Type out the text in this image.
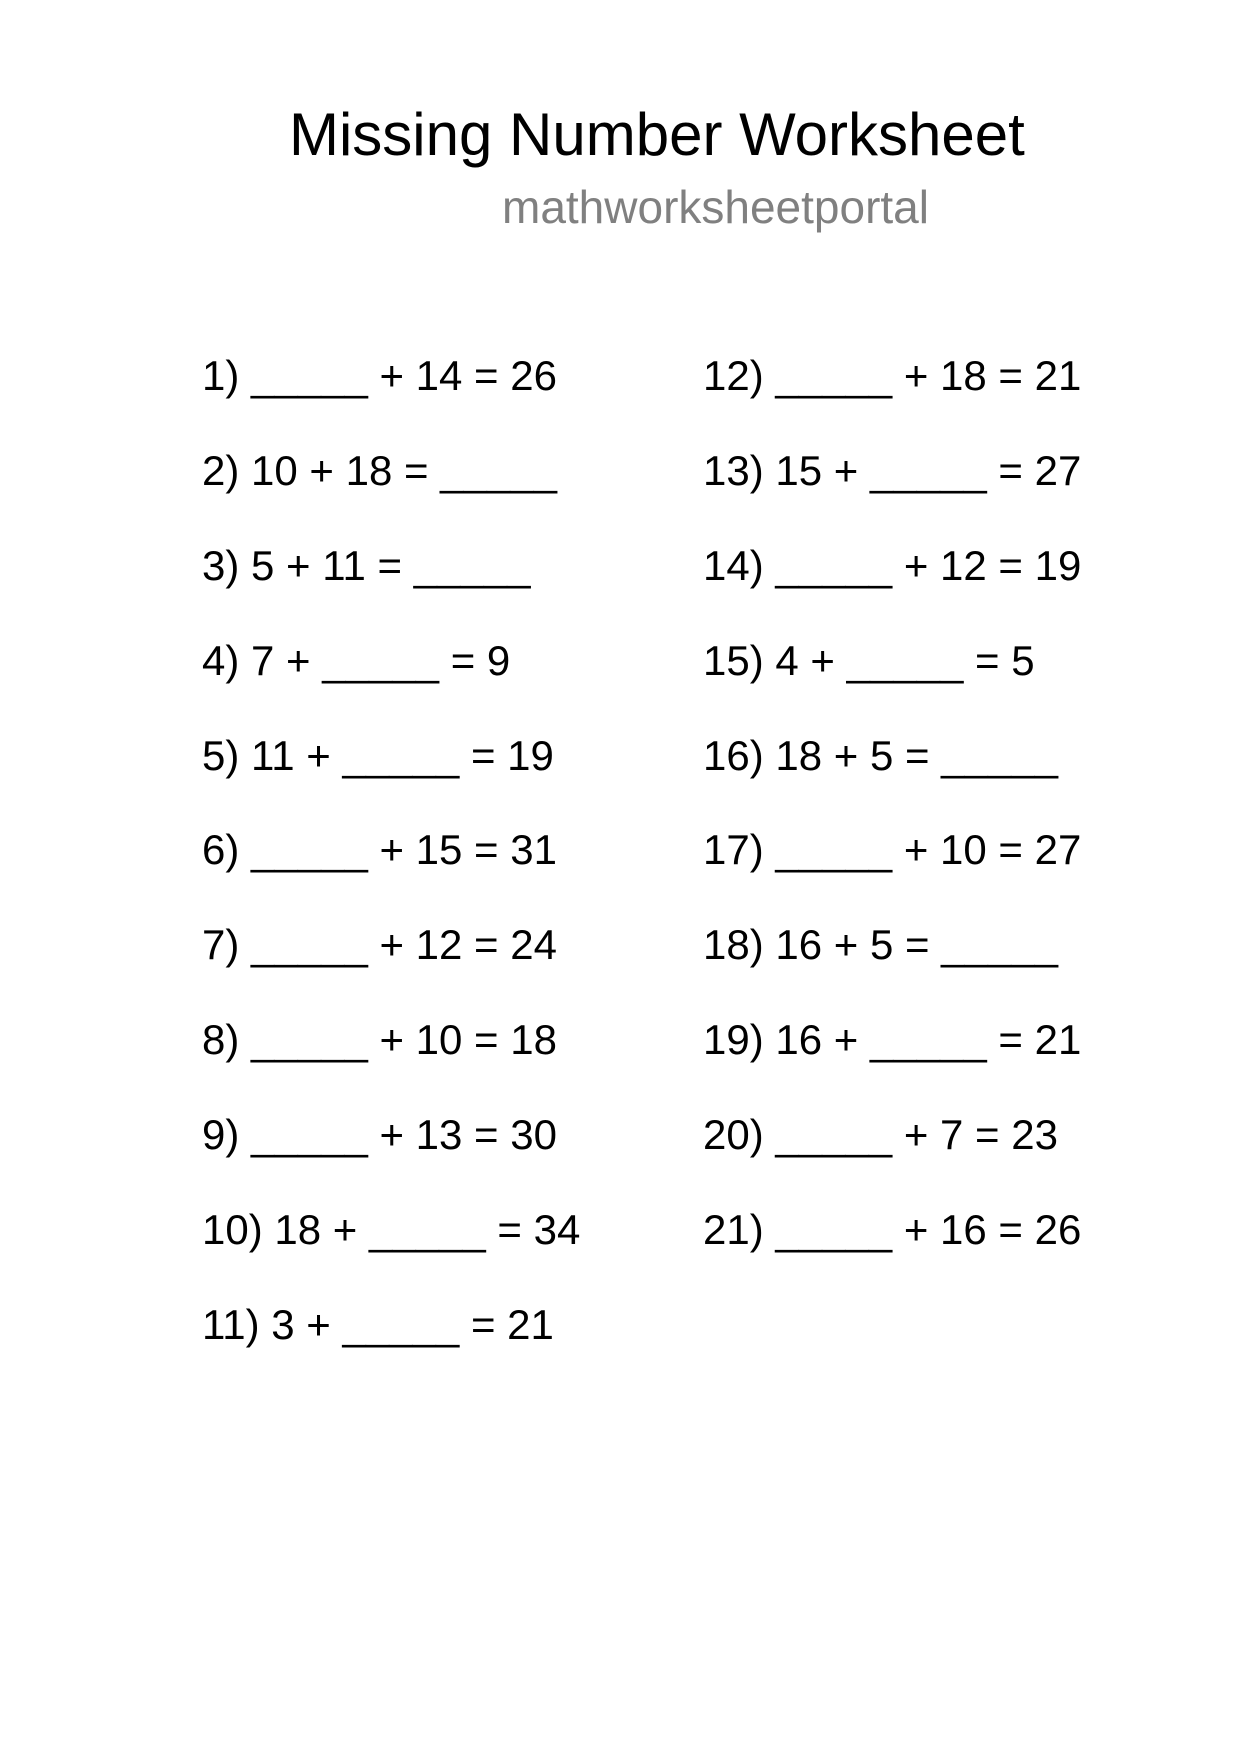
Missing Number Worksheet
mathworksheetportal
1) _____ + 14 = 26
2) 10 + 18 = _____
3) 5 + 11 = _____
4) 7 + _____ = 9
5) 11 + _____ = 19
6) _____ + 15 = 31
7) _____ + 12 = 24
8) _____ + 10 = 18
9) _____ + 13 = 30
10) 18 + _____ = 34
11) 3 + _____ = 21
12) _____ + 18 = 21
13) 15 + _____ = 27
14) _____ + 12 = 19
15) 4 + _____ = 5
16) 18 + 5 = _____
17) _____ + 10 = 27
18) 16 + 5 = _____
19) 16 + _____ = 21
20) _____ + 7 = 23
21) _____ + 16 = 26
